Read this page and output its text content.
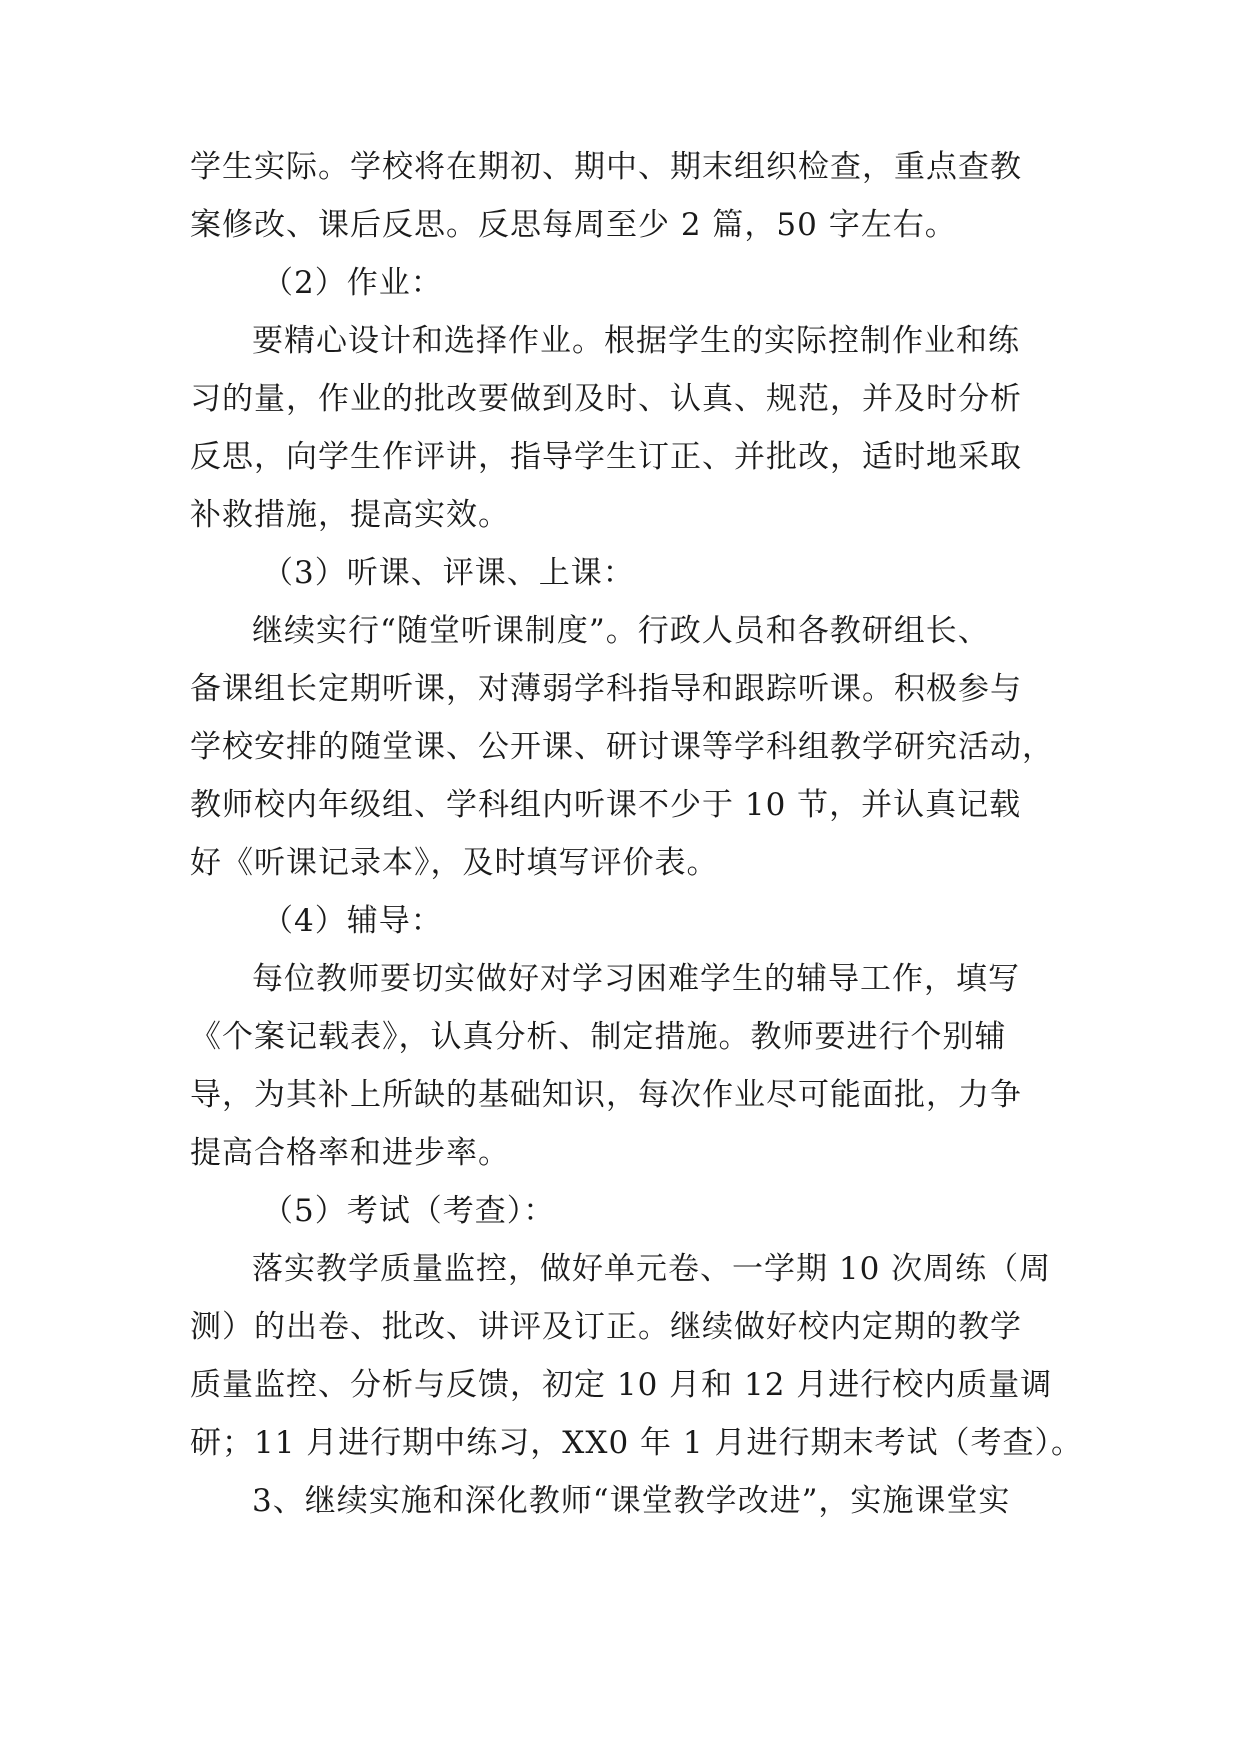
学生实际。学校将在期初、期中、期末组织检查，重点查教
案修改、课后反思。反思每周至少 2 篇，50 字左右。
（2）作业：
要精心设计和选择作业。根据学生的实际控制作业和练
习的量，作业的批改要做到及时、认真、规范，并及时分析
反思，向学生作评讲，指导学生订正、并批改，适时地采取
补救措施，提高实效。
（3）听课、评课、上课：
继续实行“随堂听课制度”。行政人员和各教研组长、
备课组长定期听课，对薄弱学科指导和跟踪听课。积极参与
学校安排的随堂课、公开课、研讨课等学科组教学研究活动，
教师校内年级组、学科组内听课不少于 10 节，并认真记载
好《听课记录本》，及时填写评价表。
（4）辅导：
每位教师要切实做好对学习困难学生的辅导工作，填写
《个案记载表》，认真分析、制定措施。教师要进行个别辅
导，为其补上所缺的基础知识，每次作业尽可能面批，力争
提高合格率和进步率。
（5）考试（考查）：
落实教学质量监控，做好单元卷、一学期 10 次周练（周
测）的出卷、批改、讲评及订正。继续做好校内定期的教学
质量监控、分析与反馈，初定 10 月和 12 月进行校内质量调
研；11 月进行期中练习，XX0 年 1 月进行期末考试（考查）。
3、继续实施和深化教师“课堂教学改进”，实施课堂实
